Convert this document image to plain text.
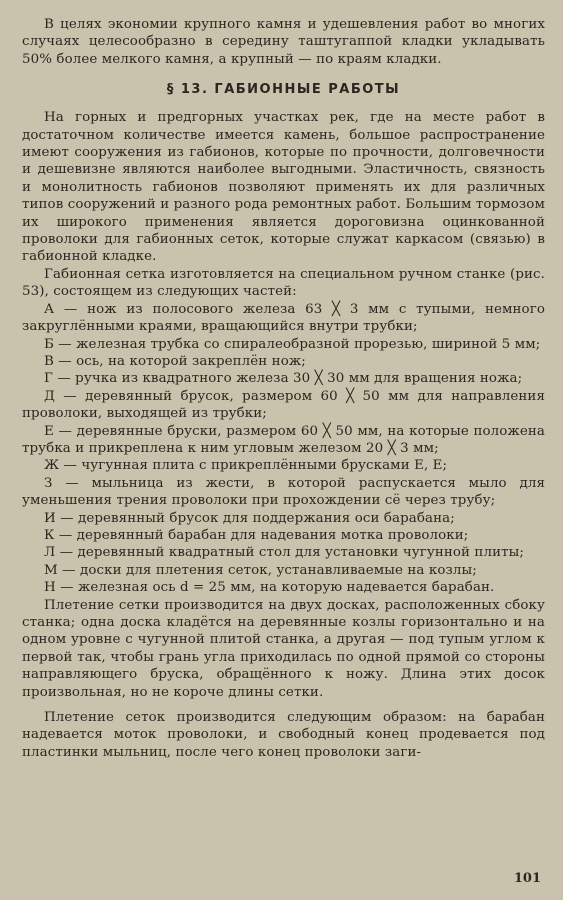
В целях экономии крупного камня и удешевления работ во многих случаях целесообразно в середину таштугаппой кладки укладывать 50% более мелкого камня, а крупный — по краям кладки.

§ 13. ГАБИОННЫЕ РАБОТЫ

На горных и предгорных участках рек, где на месте работ в достаточном количестве имеется камень, большое распространение имеют сооружения из габионов, которые по прочности, долговечности и дешевизне являются наиболее выгодными. Эластичность, связность и монолитность габионов позволяют применять их для различных типов сооружений и разного рода ремонтных работ. Большим тормозом их широкого применения является дороговизна оцинкованной проволоки для габионных сеток, которые служат каркасом (связью) в габионной кладке.

Габионная сетка изготовляется на специальном ручном станке (рис. 53), состоящем из следующих частей:

А — нож из полосового железа 63 ╳ 3 мм с тупыми, немного закруглёнными краями, вращающийся внутри трубки;

Б — железная трубка со спиралеобразной прорезью, шириной 5 мм;

В — ось, на которой закреплён нож;

Г — ручка из квадратного железа 30 ╳ 30 мм для вращения ножа;

Д — деревянный брусок, размером 60 ╳ 50 мм для направления проволоки, выходящей из трубки;

Е — деревянные бруски, размером 60 ╳ 50 мм, на которые положена трубка и прикреплена к ним угловым железом 20 ╳ 3 мм;

Ж — чугунная плита с прикреплёнными брусками Е, Е;

З — мыльница из жести, в которой распускается мыло для уменьшения трения проволоки при прохождении сё через трубу;

И — деревянный брусок для поддержания оси барабана;

К — деревянный барабан для надевания мотка проволоки;

Л — деревянный квадратный стол для установки чугунной плиты;

М — доски для плетения сеток, устанавливаемые на козлы;

Н — железная ось d = 25 мм, на которую надевается барабан.

Плетение сетки производится на двух досках, расположенных сбоку станка; одна доска кладётся на деревянные козлы горизонтально и на одном уровне с чугунной плитой станка, а другая — под тупым углом к первой так, чтобы грань угла приходилась по одной прямой со стороны направляющего бруска, обращённого к ножу. Длина этих досок произвольная, но не короче длины сетки.

Плетение сеток производится следующим образом: на барабан надевается моток проволоки, и свободный конец продевается под пластинки мыльниц, после чего конец проволоки заги-

101
